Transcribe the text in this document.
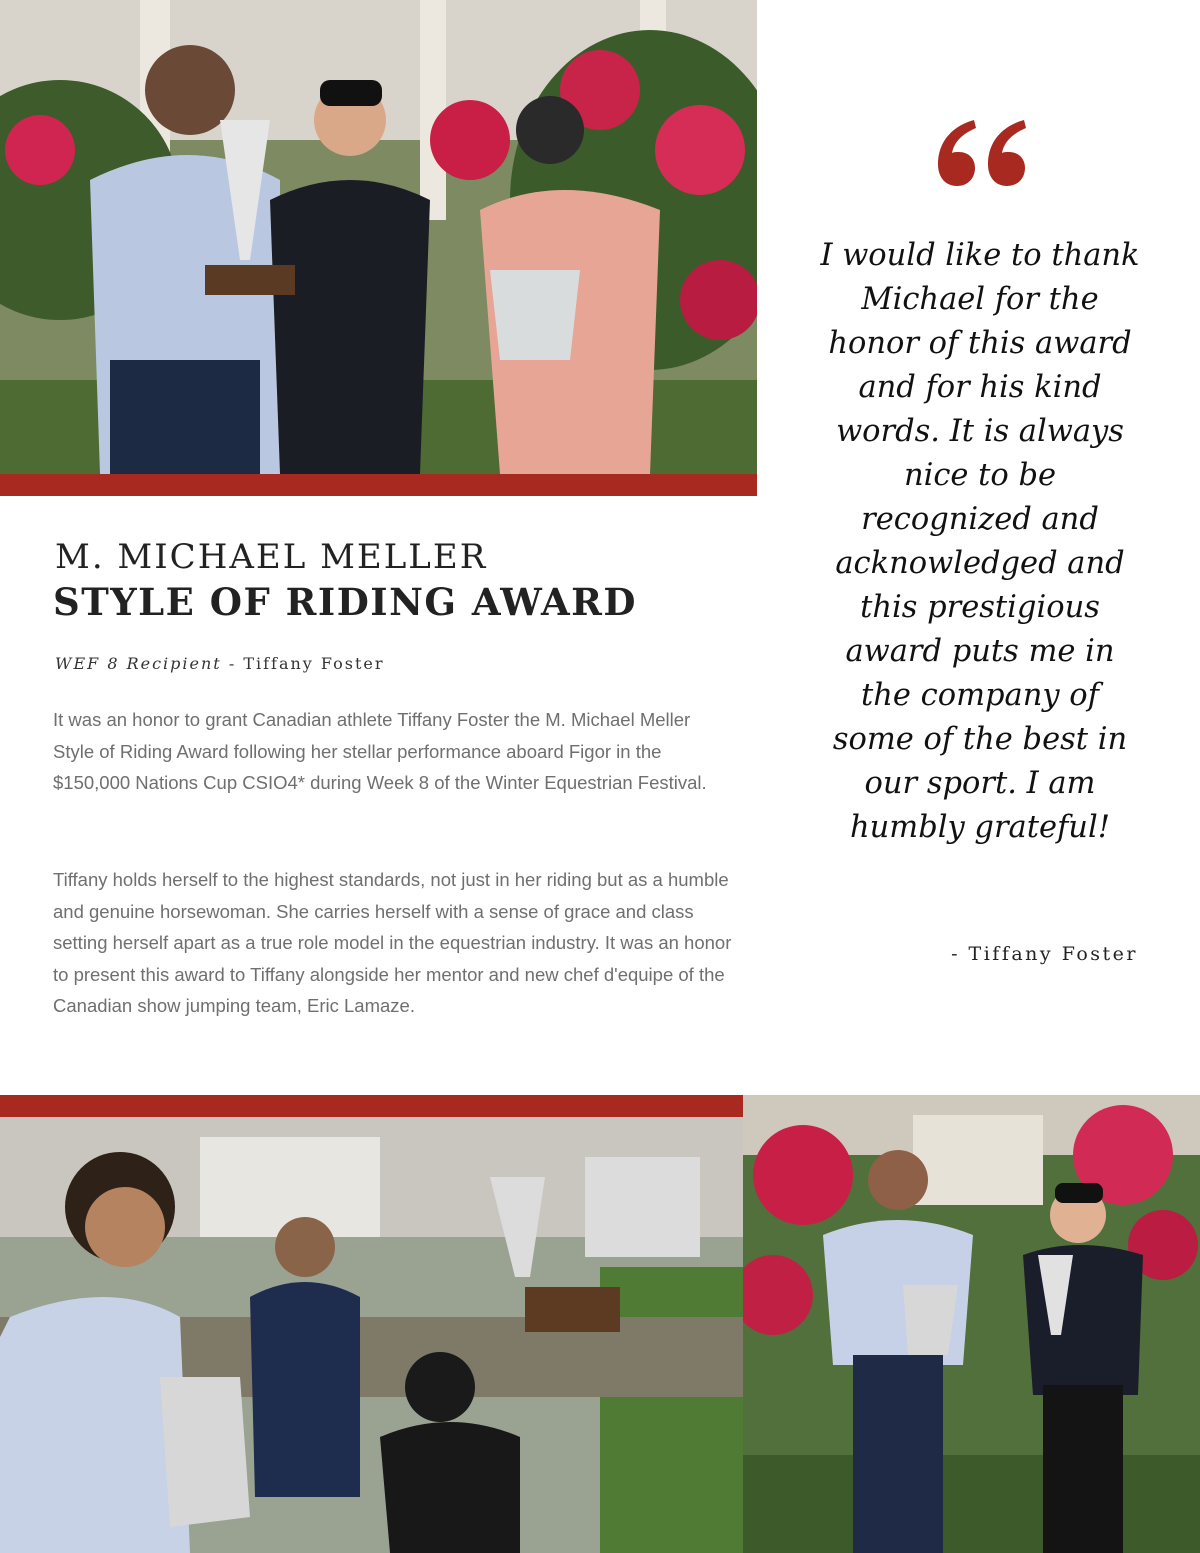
M. MICHAEL MELLER
STYLE OF RIDING AWARD
WEF 8 Recipient - Tiffany Foster

It was an honor to grant Canadian athlete Tiffany Foster the M. Michael Meller Style of Riding Award following her stellar performance aboard Figor in the $150,000 Nations Cup CSIO4* during Week 8 of the Winter Equestrian Festival.

Tiffany holds herself to the highest standards, not just in her riding but as a humble and genuine horsewoman. She carries herself with a sense of grace and class setting herself apart as a true role model in the equestrian industry. It was an honor to present this award to Tiffany alongside her mentor and new chef d'equipe of the Canadian show jumping team, Eric Lamaze.

I would like to thank Michael for the honor of this award and for his kind words. It is always nice to be recognized and acknowledged and this prestigious award puts me in the company of some of the best in our sport. I am humbly grateful!

- Tiffany Foster
